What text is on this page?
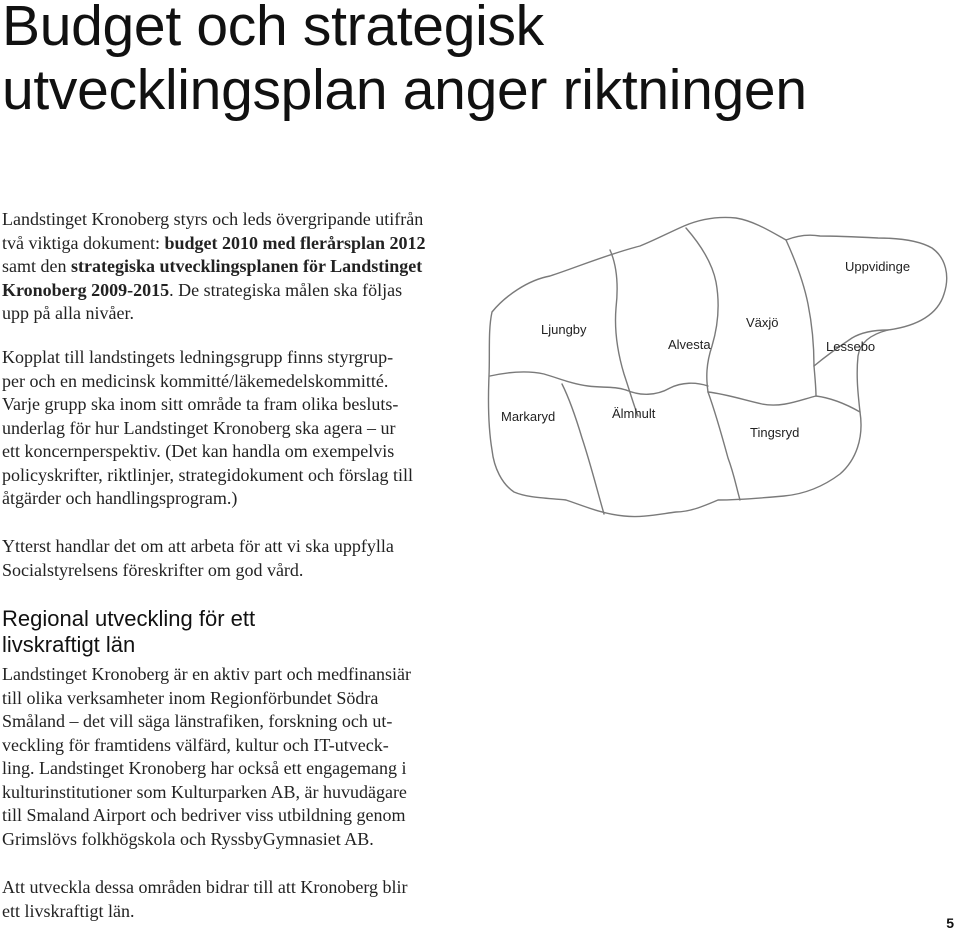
Budget och strategisk
utvecklingsplan anger riktningen
Landstinget Kronoberg styrs och leds övergripande utifrån
två viktiga dokument: budget 2010 med flerårsplan 2012
samt den strategiska utvecklingsplanen för Landstinget
Kronoberg 2009-2015. De strategiska målen ska följas
upp på alla nivåer.
Kopplat till landstingets ledningsgrupp finns styrgrup-
per och en medicinsk kommitté/läkemedelskommitté.
Varje grupp ska inom sitt område ta fram olika besluts-
underlag för hur Landstinget Kronoberg ska agera – ur
ett koncernperspektiv. (Det kan handla om exempelvis
policyskrifter, riktlinjer, strategidokument och förslag till
åtgärder och handlingsprogram.)
Ytterst handlar det om att arbeta för att vi ska uppfylla
Socialstyrelsens föreskrifter om god vård.
Regional utveckling för ett
livskraftigt län
Landstinget Kronoberg är en aktiv part och medfinansiär
till olika verksamheter inom Regionförbundet Södra
Småland – det vill säga länstrafiken, forskning och ut-
veckling för framtidens välfärd, kultur och IT-utveck-
ling. Landstinget Kronoberg har också ett engagemang i
kulturinstitutioner som Kulturparken AB, är huvudägare
till Smaland Airport och bedriver viss utbildning genom
Grimslövs folkhögskola och RyssbyGymnasiet AB.
Att utveckla dessa områden bidrar till att Kronoberg blir
ett livskraftigt län.
Ljungby
Alvesta
Växjö
Uppvidinge
Lessebo
Markaryd	Älmhult
Tingsryd
5
